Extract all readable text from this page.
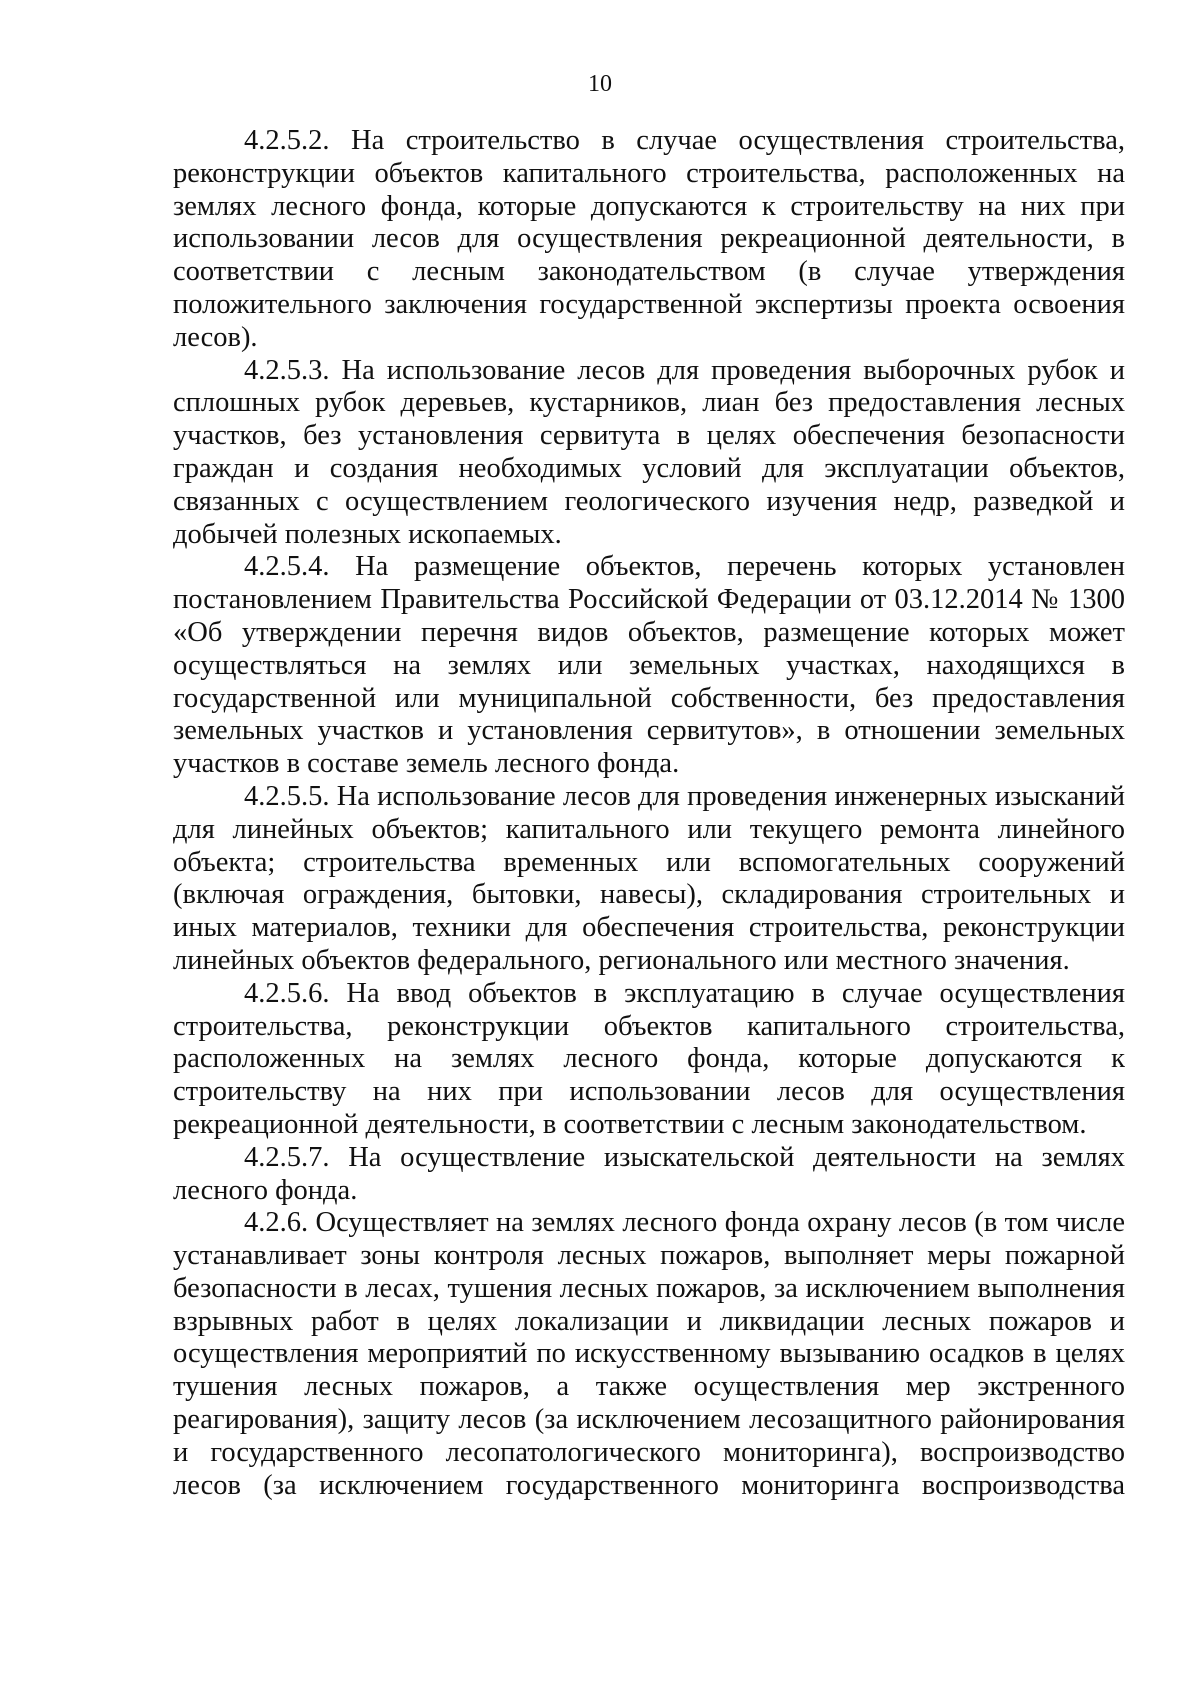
10

4.2.5.2. На строительство в случае осуществления строительства, реконструкции объектов капитального строительства, расположенных на землях лесного фонда, которые допускаются к строительству на них при использовании лесов для осуществления рекреационной деятельности, в соответствии с лесным законодательством (в случае утверждения положительного заключения государственной экспертизы проекта освоения лесов).

4.2.5.3. На использование лесов для проведения выборочных рубок и сплошных рубок деревьев, кустарников, лиан без предоставления лесных участков, без установления сервитута в целях обеспечения безопасности граждан и создания необходимых условий для эксплуатации объектов, связанных с осуществлением геологического изучения недр, разведкой и добычей полезных ископаемых.

4.2.5.4. На размещение объектов, перечень которых установлен постановлением Правительства Российской Федерации от 03.12.2014 № 1300 «Об утверждении перечня видов объектов, размещение которых может осуществляться на землях или земельных участках, находящихся в государственной или муниципальной собственности, без предоставления земельных участков и установления сервитутов», в отношении земельных участков в составе земель лесного фонда.

4.2.5.5. На использование лесов для проведения инженерных изысканий для линейных объектов; капитального или текущего ремонта линейного объекта; строительства временных или вспомогательных сооружений (включая ограждения, бытовки, навесы), складирования строительных и иных материалов, техники для обеспечения строительства, реконструкции линейных объектов федерального, регионального или местного значения.

4.2.5.6. На ввод объектов в эксплуатацию в случае осуществления строительства, реконструкции объектов капитального строительства, расположенных на землях лесного фонда, которые допускаются к строительству на них при использовании лесов для осуществления рекреационной деятельности, в соответствии с лесным законодательством.

4.2.5.7. На осуществление изыскательской деятельности на землях лесного фонда.

4.2.6. Осуществляет на землях лесного фонда охрану лесов (в том числе устанавливает зоны контроля лесных пожаров, выполняет меры пожарной безопасности в лесах, тушения лесных пожаров, за исключением выполнения взрывных работ в целях локализации и ликвидации лесных пожаров и осуществления мероприятий по искусственному вызыванию осадков в целях тушения лесных пожаров, а также осуществления мер экстренного реагирования), защиту лесов (за исключением лесозащитного районирования и государственного лесопатологического мониторинга), воспроизводство лесов (за исключением государственного мониторинга воспроизводства
